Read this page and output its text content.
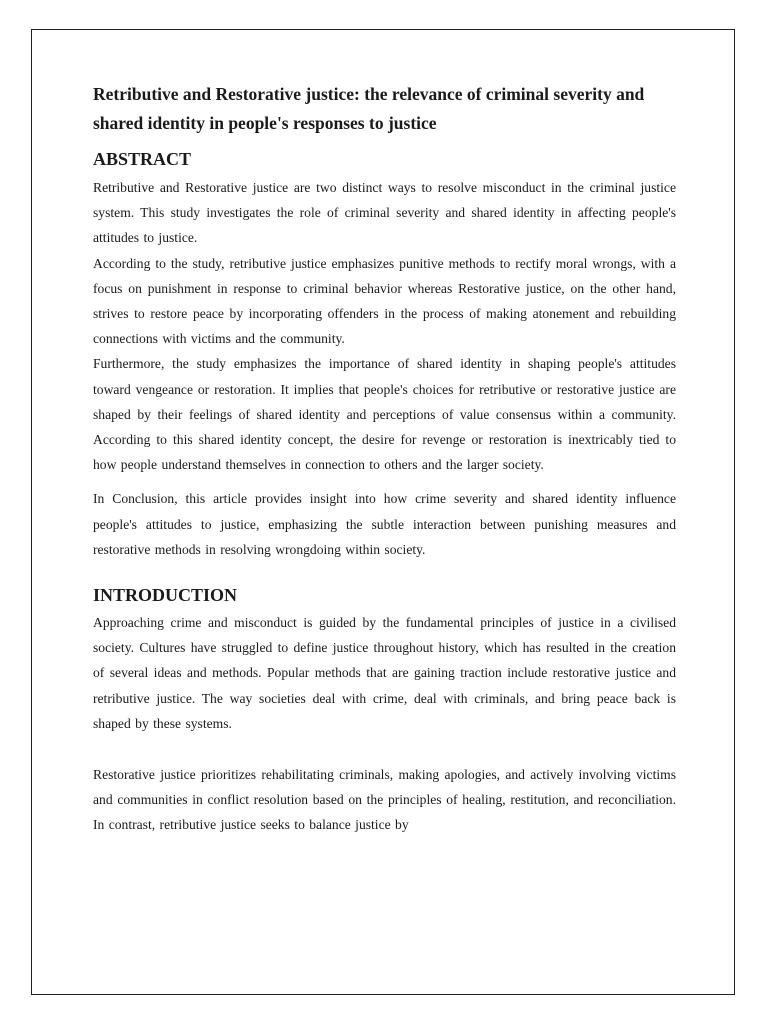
Retributive and Restorative justice: the relevance of criminal severity and shared identity in people's responses to justice
ABSTRACT

Retributive and Restorative justice are two distinct ways to resolve misconduct in the criminal justice system. This study investigates the role of criminal severity and shared identity in affecting people's attitudes to justice.

According to the study, retributive justice emphasizes punitive methods to rectify moral wrongs, with a focus on punishment in response to criminal behavior whereas Restorative justice, on the other hand, strives to restore peace by incorporating offenders in the process of making atonement and rebuilding connections with victims and the community.

Furthermore, the study emphasizes the importance of shared identity in shaping people's attitudes toward vengeance or restoration. It implies that people's choices for retributive or restorative justice are shaped by their feelings of shared identity and perceptions of value consensus within a community. According to this shared identity concept, the desire for revenge or restoration is inextricably tied to how people understand themselves in connection to others and the larger society.

In Conclusion, this article provides insight into how crime severity and shared identity influence people's attitudes to justice, emphasizing the subtle interaction between punishing measures and restorative methods in resolving wrongdoing within society.

INTRODUCTION

Approaching crime and misconduct is guided by the fundamental principles of justice in a civilised society. Cultures have struggled to define justice throughout history, which has resulted in the creation of several ideas and methods. Popular methods that are gaining traction include restorative justice and retributive justice. The way societies deal with crime, deal with criminals, and bring peace back is shaped by these systems.

Restorative justice prioritizes rehabilitating criminals, making apologies, and actively involving victims and communities in conflict resolution based on the principles of healing, restitution, and reconciliation. In contrast, retributive justice seeks to balance justice by
